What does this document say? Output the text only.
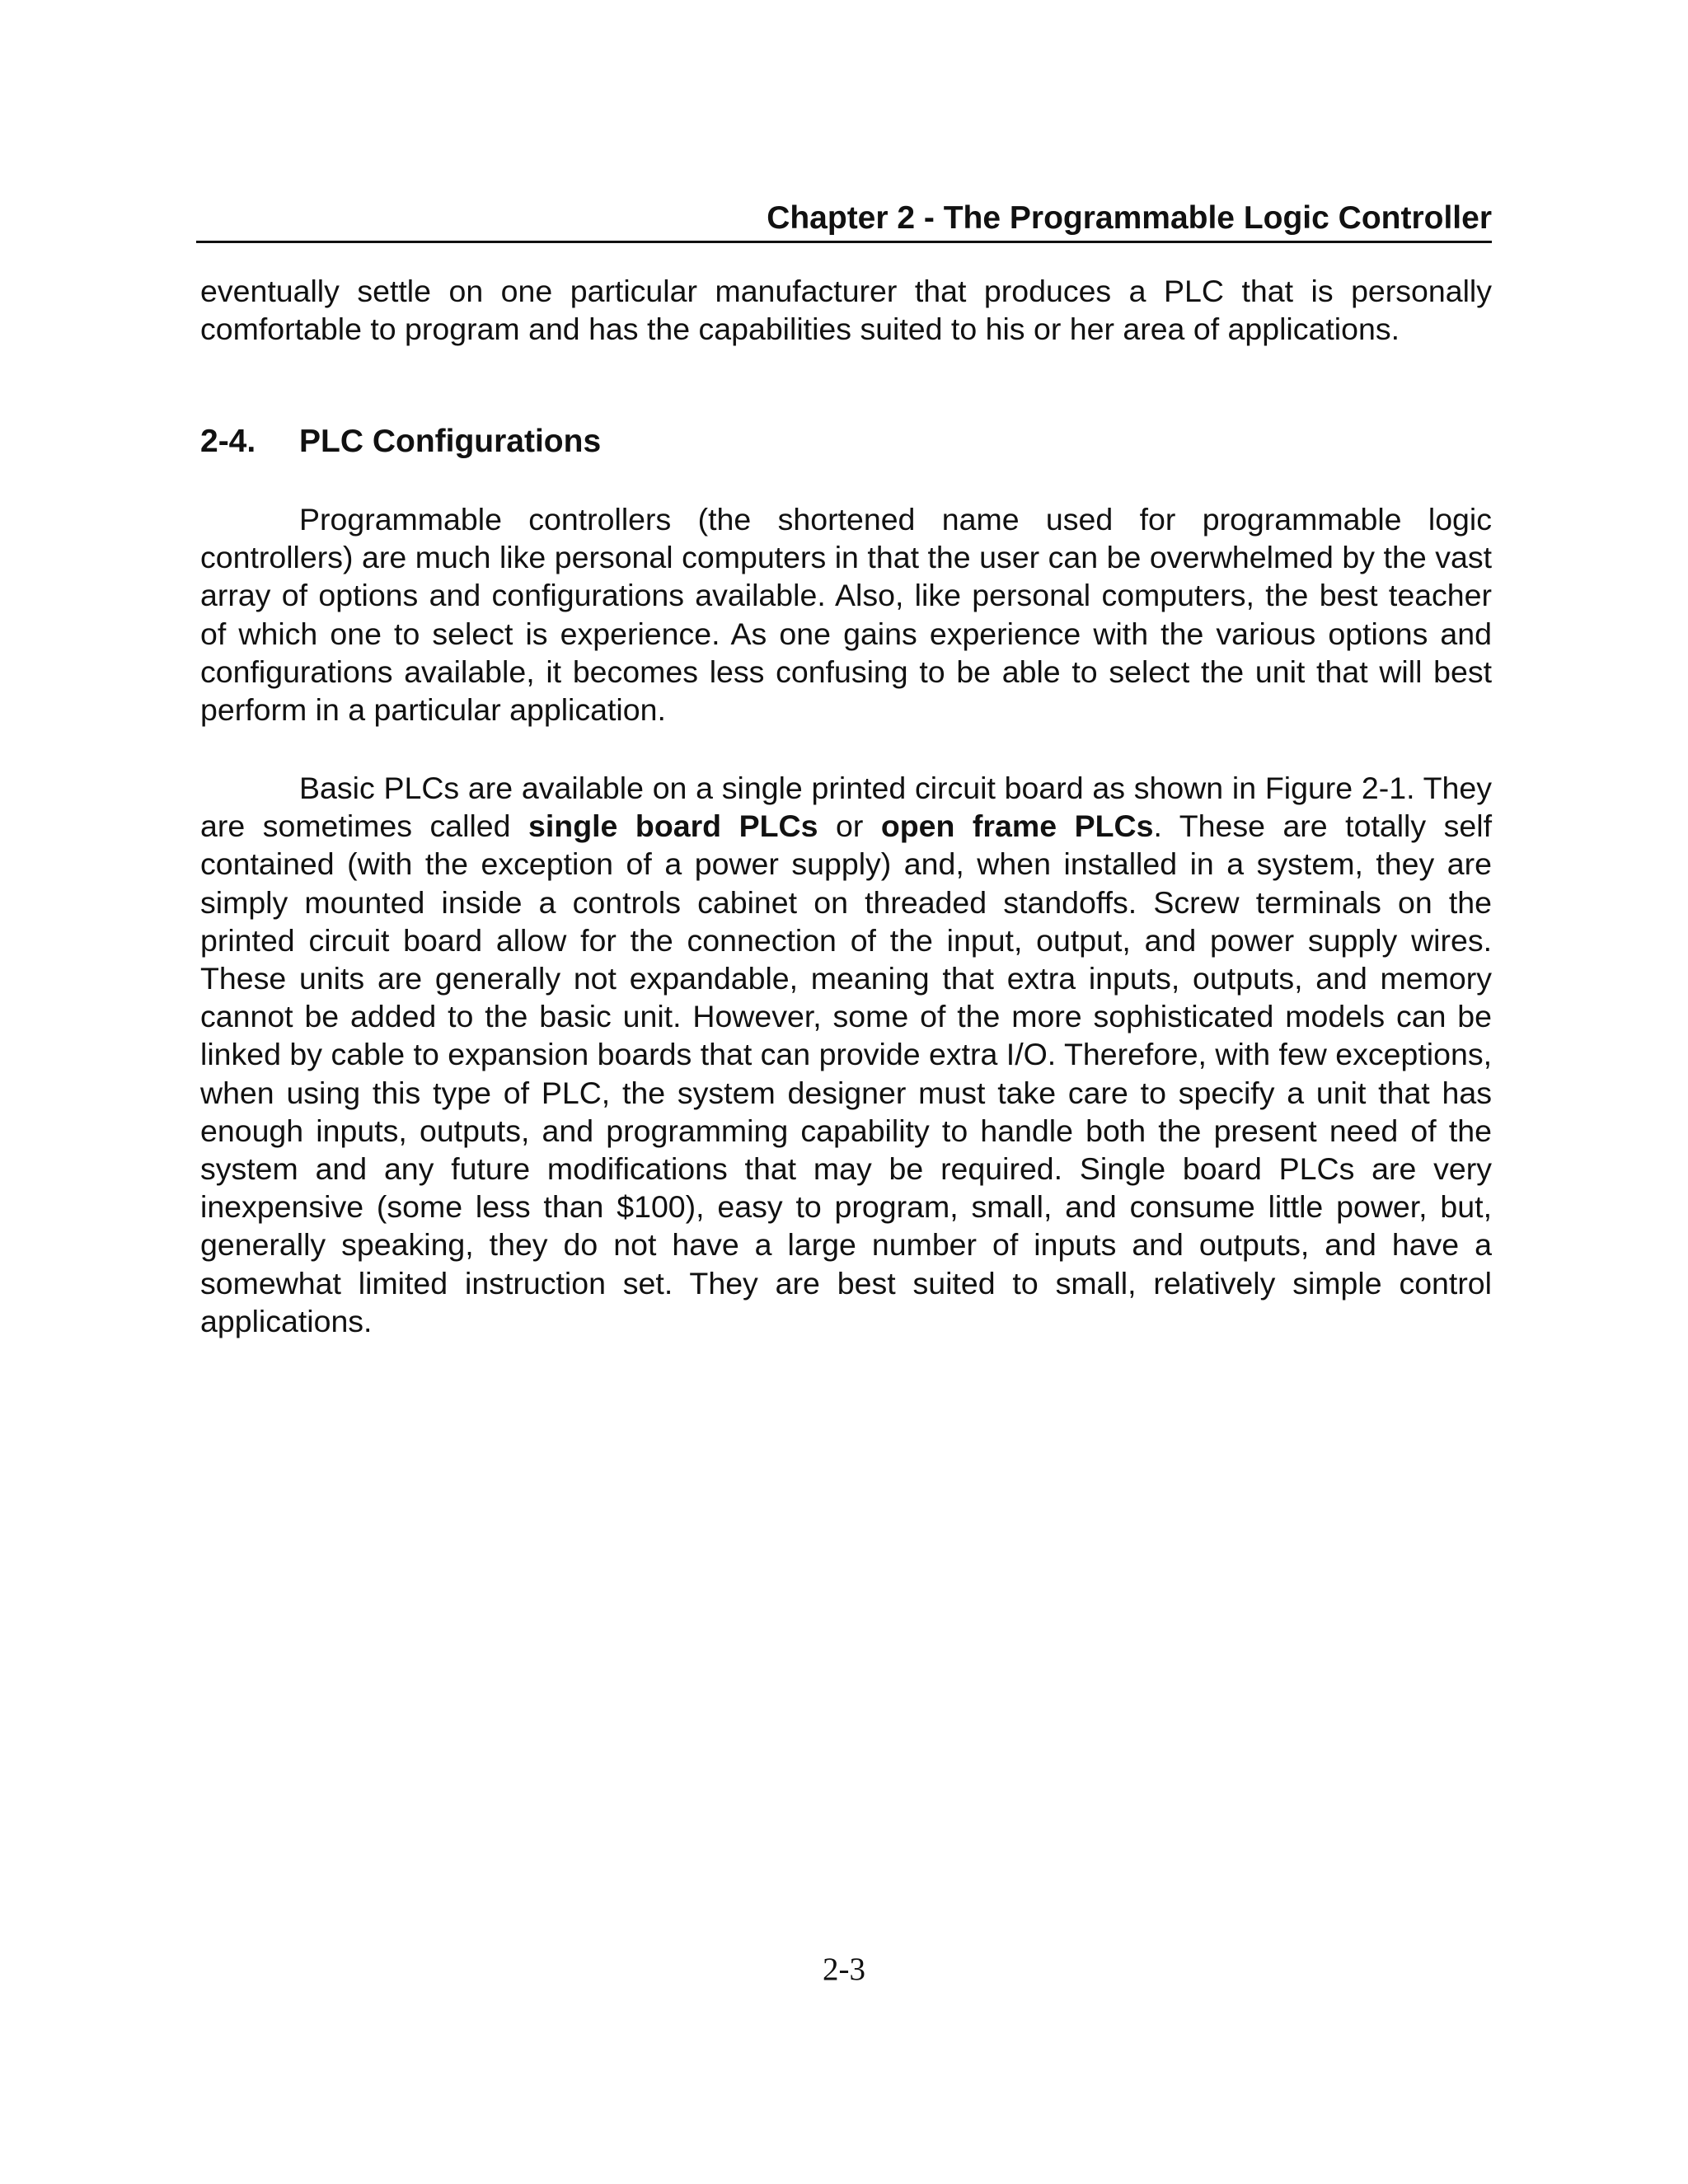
Chapter 2 - The Programmable Logic Controller

eventually settle on one particular manufacturer that produces a PLC that is personally comfortable to program and has the capabilities suited to his or her area of applications.

2-4. PLC Configurations

Programmable controllers (the shortened name used for programmable logic controllers) are much like personal computers in that the user can be overwhelmed by the vast array of options and configurations available. Also, like personal computers, the best teacher of which one to select is experience. As one gains experience with the various options and configurations available, it becomes less confusing to be able to select the unit that will best perform in a particular application.

Basic PLCs are available on a single printed circuit board as shown in Figure 2-1. They are sometimes called single board PLCs or open frame PLCs. These are totally self contained (with the exception of a power supply) and, when installed in a system, they are simply mounted inside a controls cabinet on threaded standoffs. Screw terminals on the printed circuit board allow for the connection of the input, output, and power supply wires. These units are generally not expandable, meaning that extra inputs, outputs, and memory cannot be added to the basic unit. However, some of the more sophisticated models can be linked by cable to expansion boards that can provide extra I/O. Therefore, with few exceptions, when using this type of PLC, the system designer must take care to specify a unit that has enough inputs, outputs, and programming capability to handle both the present need of the system and any future modifications that may be required. Single board PLCs are very inexpensive (some less than $100), easy to program, small, and consume little power, but, generally speaking, they do not have a large number of inputs and outputs, and have a somewhat limited instruction set. They are best suited to small, relatively simple control applications.

2-3
